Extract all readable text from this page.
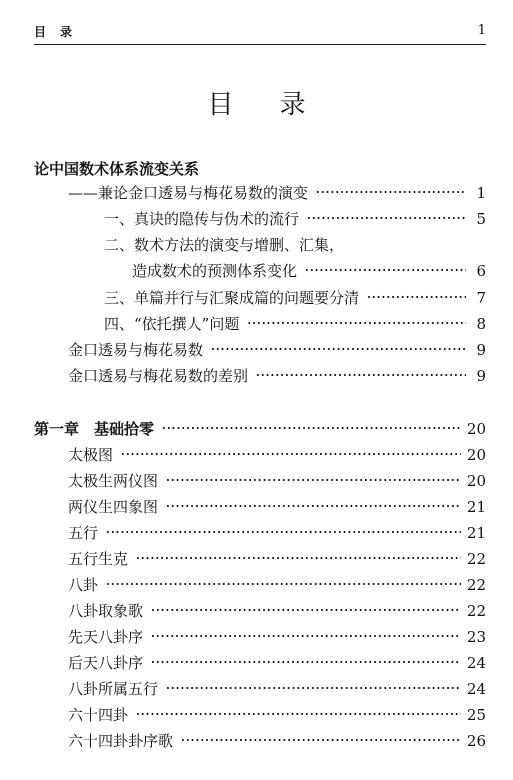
目录	1
目录
论中国数术体系流变关系
——兼论金口透易与梅花易数的演变 ·····	1
一、真诀的隐传与伪术的流行 ·····	5
二、数术方法的演变与增删、汇集，
造成数术的预测体系变化 ·····	6
三、单篇并行与汇聚成篇的问题要分清 ·····	7
四、“依托撰人”问题 ·····	8
金口透易与梅花易数 ·····	9
金口透易与梅花易数的差别 ·····	9
第一章　基础拾零 ·····	20
太极图 ·····	20
太极生两仪图 ·····	20
两仪生四象图 ·····	21
五行 ·····	21
五行生克 ·····	22
八卦 ·····	22
八卦取象歌 ·····	22
先天八卦序 ·····	23
后天八卦序 ·····	24
八卦所属五行 ·····	24
六十四卦 ·····	25
六十四卦卦序歌 ·····	26
